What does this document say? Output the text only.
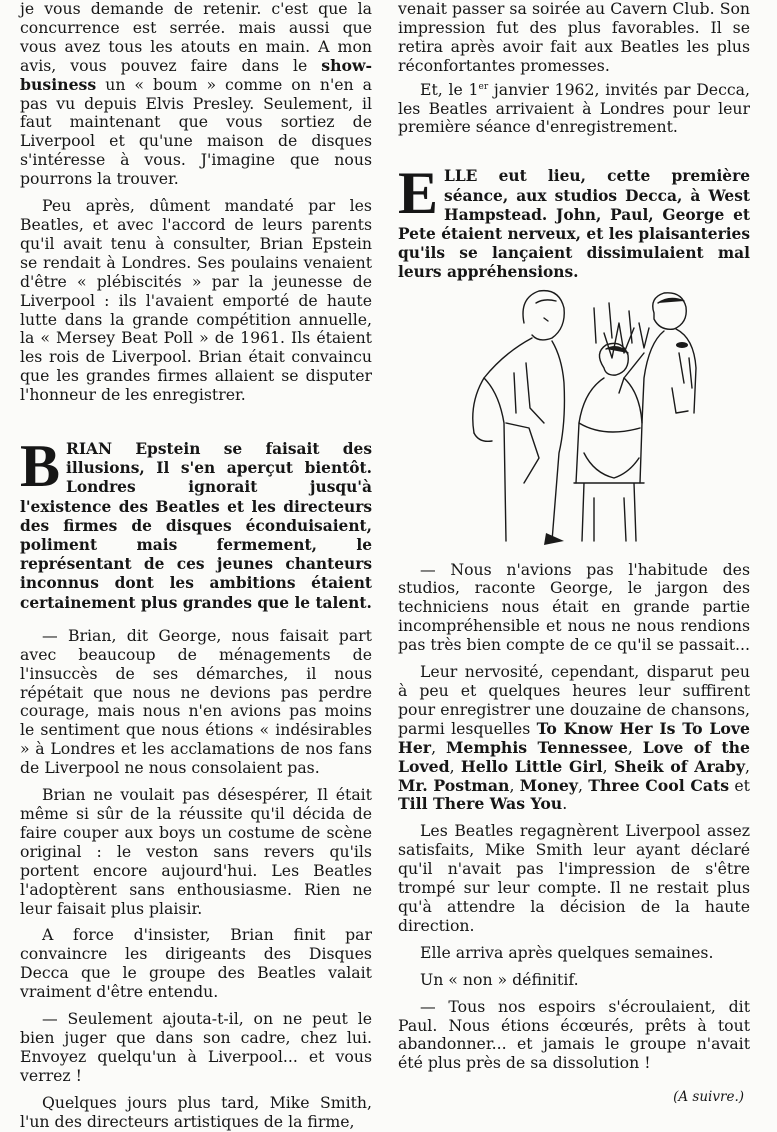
je vous demande de retenir. c'est que la concurrence est serrée. mais aussi que vous avez tous les atouts en main. A mon avis, vous pouvez faire dans le show-business un « boum » comme on n'en a pas vu depuis Elvis Presley. Seulement, il faut maintenant que vous sortiez de Liverpool et qu'une maison de disques s'intéresse à vous. J'imagine que nous pourrons la trouver.

Peu après, dûment mandaté par les Beatles, et avec l'accord de leurs parents qu'il avait tenu à consulter, Brian Epstein se rendait à Londres. Ses poulains venaient d'être « plébiscités » par la jeunesse de Liverpool : ils l'avaient emporté de haute lutte dans la grande compétition annuelle, la « Mersey Beat Poll » de 1961. Ils étaient les rois de Liverpool. Brian était convaincu que les grandes firmes allaient se disputer l'honneur de les enregistrer.

BRIAN Epstein se faisait des illusions, Il s'en aperçut bientôt. Londres ignorait jusqu'à l'existence des Beatles et les directeurs des firmes de disques éconduisaient, poliment mais fermement, le représentant de ces jeunes chanteurs inconnus dont les ambitions étaient certainement plus grandes que le talent.

— Brian, dit George, nous faisait part avec beaucoup de ménagements de l'insuccès de ses démarches, il nous répétait que nous ne devions pas perdre courage, mais nous n'en avions pas moins le sentiment que nous étions « indésirables » à Londres et les acclamations de nos fans de Liverpool ne nous consolaient pas.

Brian ne voulait pas désespérer, Il était même si sûr de la réussite qu'il décida de faire couper aux boys un costume de scène original : le veston sans revers qu'ils portent encore aujourd'hui. Les Beatles l'adoptèrent sans enthousiasme. Rien ne leur faisait plus plaisir.

A force d'insister, Brian finit par convaincre les dirigeants des Disques Decca que le groupe des Beatles valait vraiment d'être entendu.

— Seulement ajouta-t-il, on ne peut le bien juger que dans son cadre, chez lui. Envoyez quelqu'un à Liverpool... et vous verrez !

Quelques jours plus tard, Mike Smith, l'un des directeurs artistiques de la firme,

venait passer sa soirée au Cavern Club. Son impression fut des plus favorables. Il se retira après avoir fait aux Beatles les plus réconfortantes promesses.

Et, le 1er janvier 1962, invités par Decca, les Beatles arrivaient à Londres pour leur première séance d'enregistrement.

ELLE eut lieu, cette première séance, aux studios Decca, à West Hampstead. John, Paul, George et Pete étaient nerveux, et les plaisanteries qu'ils se lançaient dissimulaient mal leurs appréhensions.

— Nous n'avions pas l'habitude des studios, raconte George, le jargon des techniciens nous était en grande partie incompréhensible et nous ne nous rendions pas très bien compte de ce qu'il se passait...

Leur nervosité, cependant, disparut peu à peu et quelques heures leur suffirent pour enregistrer une douzaine de chansons, parmi lesquelles To Know Her Is To Love Her, Memphis Tennessee, Love of the Loved, Hello Little Girl, Sheik of Araby, Mr. Postman, Money, Three Cool Cats et Till There Was You.

Les Beatles regagnèrent Liverpool assez satisfaits, Mike Smith leur ayant déclaré qu'il n'avait pas l'impression de s'être trompé sur leur compte. Il ne restait plus qu'à attendre la décision de la haute direction.

Elle arriva après quelques semaines.

Un « non » définitif.

— Tous nos espoirs s'écroulaient, dit Paul. Nous étions écœurés, prêts à tout abandonner... et jamais le groupe n'avait été plus près de sa dissolution !

(A suivre.)
